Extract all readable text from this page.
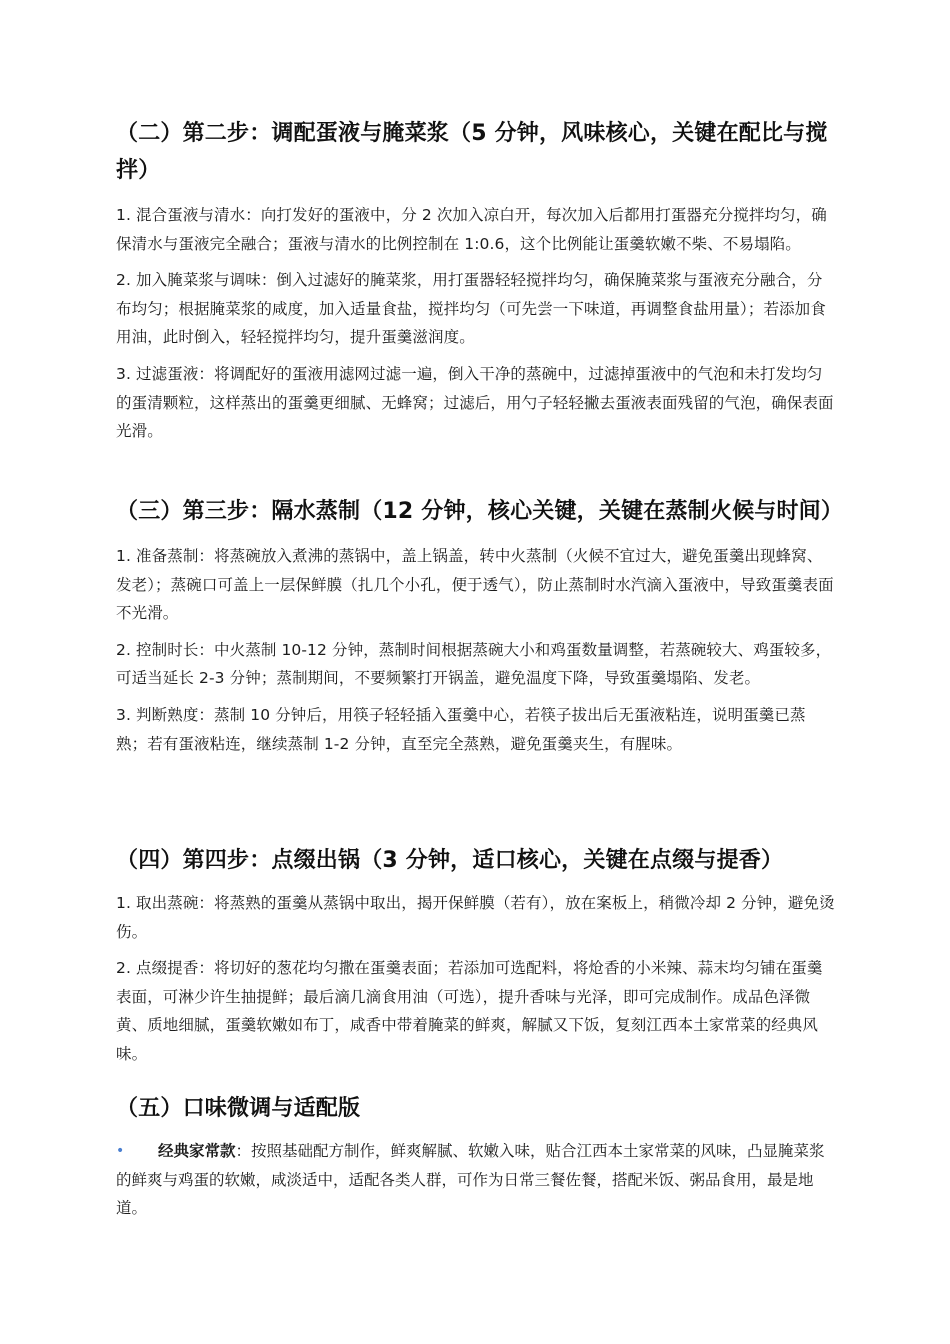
（二）第二步：调配蛋液与腌菜浆（5 分钟，风味核心，关键在配比与搅拌）

1. 混合蛋液与清水：向打发好的蛋液中，分 2 次加入凉白开，每次加入后都用打蛋器充分搅拌均匀，确保清水与蛋液完全融合；蛋液与清水的比例控制在 1:0.6，这个比例能让蛋羹软嫩不柴、不易塌陷。

2. 加入腌菜浆与调味：倒入过滤好的腌菜浆，用打蛋器轻轻搅拌均匀，确保腌菜浆与蛋液充分融合，分布均匀；根据腌菜浆的咸度，加入适量食盐，搅拌均匀（可先尝一下味道，再调整食盐用量）；若添加食用油，此时倒入，轻轻搅拌均匀，提升蛋羹滋润度。

3. 过滤蛋液：将调配好的蛋液用滤网过滤一遍，倒入干净的蒸碗中，过滤掉蛋液中的气泡和未打发均匀的蛋清颗粒，这样蒸出的蛋羹更细腻、无蜂窝；过滤后，用勺子轻轻撇去蛋液表面残留的气泡，确保表面光滑。

（三）第三步：隔水蒸制（12 分钟，核心关键，关键在蒸制火候与时间）

1. 准备蒸制：将蒸碗放入煮沸的蒸锅中，盖上锅盖，转中火蒸制（火候不宜过大，避免蛋羹出现蜂窝、发老）；蒸碗口可盖上一层保鲜膜（扎几个小孔，便于透气），防止蒸制时水汽滴入蛋液中，导致蛋羹表面不光滑。

2. 控制时长：中火蒸制 10-12 分钟，蒸制时间根据蒸碗大小和鸡蛋数量调整，若蒸碗较大、鸡蛋较多，可适当延长 2-3 分钟；蒸制期间，不要频繁打开锅盖，避免温度下降，导致蛋羹塌陷、发老。

3. 判断熟度：蒸制 10 分钟后，用筷子轻轻插入蛋羹中心，若筷子拔出后无蛋液粘连，说明蛋羹已蒸熟；若有蛋液粘连，继续蒸制 1-2 分钟，直至完全蒸熟，避免蛋羹夹生，有腥味。

（四）第四步：点缀出锅（3 分钟，适口核心，关键在点缀与提香）

1. 取出蒸碗：将蒸熟的蛋羹从蒸锅中取出，揭开保鲜膜（若有），放在案板上，稍微冷却 2 分钟，避免烫伤。

2. 点缀提香：将切好的葱花均匀撒在蛋羹表面；若添加可选配料，将炝香的小米辣、蒜末均匀铺在蛋羹表面，可淋少许生抽提鲜；最后滴几滴食用油（可选），提升香味与光泽，即可完成制作。成品色泽微黄、质地细腻，蛋羹软嫩如布丁，咸香中带着腌菜的鲜爽，解腻又下饭，复刻江西本土家常菜的经典风味。

（五）口味微调与适配版
•	经典家常款：按照基础配方制作，鲜爽解腻、软嫩入味，贴合江西本土家常菜的风味，凸显腌菜浆的鲜爽与鸡蛋的软嫩，咸淡适中，适配各类人群，可作为日常三餐佐餐，搭配米饭、粥品食用，最是地道。
